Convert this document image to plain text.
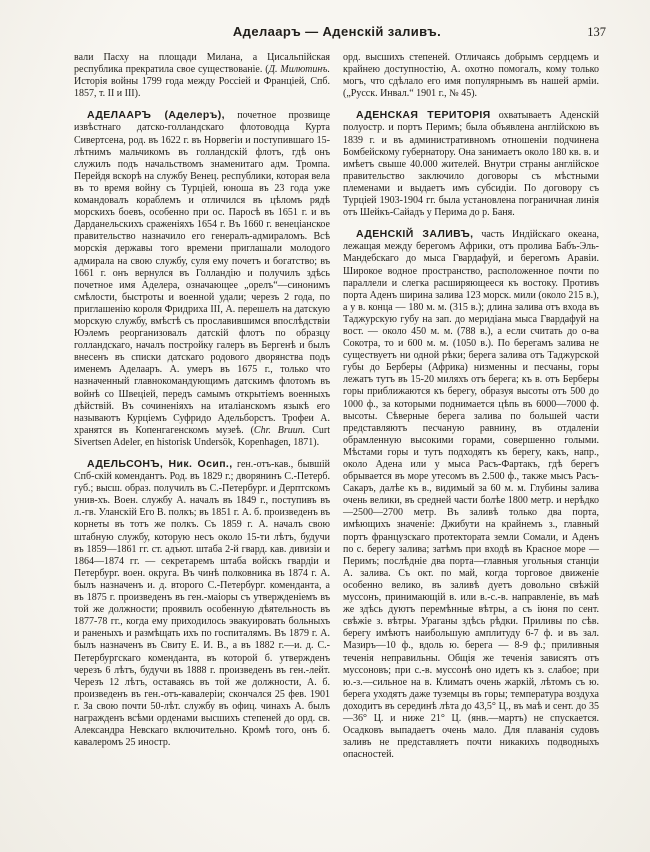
Аделааръ — Аденскій заливъ.	137

вали Пасху на площади Милана, а Цисальпійская республика прекратила свое существованіе. (Д. Милютинъ. Исторія войны 1799 года между Россіей и Франціей, Спб. 1857, т. II и III).

АДЕЛААРЪ (Аделеръ), почетное прозвище извѣстнаго датско-голландскаго флотоводца Курта Сивертсена, род. въ 1622 г. въ Норвегіи и поступившаго 15-лѣтнимъ мальчикомъ въ голландскій флотъ, гдѣ онъ служилъ подъ начальствомъ знаменитаго адм. Тромпа. Перейдя вскорѣ на службу Венец. республики, которая вела въ то время войну съ Турціей, юноша въ 23 года уже командовалъ кораблемъ и отличился въ цѣломъ рядѣ морскихъ боевъ, особенно при ос. Паросѣ въ 1651 г. и въ Дарданельскихъ сраженіяхъ 1654 г. Въ 1660 г. венеціанское правительство назначило его генералъ-адмираломъ. Всѣ морскія державы того времени приглашали молодого адмирала на свою службу, суля ему почетъ и богатство; въ 1661 г. онъ вернулся въ Голландію и получилъ здѣсь почетное имя Аделера, означающее „орелъ“—синонимъ смѣлости, быстроты и военной удали; черезъ 2 года, по приглашенію короля Фридриха III, А. перешелъ на датскую морскую службу, вмѣстѣ съ прославившимся впослѣдствіи Юэлемъ реорганизовалъ датскій флотъ по образцу голландскаго, началъ постройку галеръ въ Бергенѣ и былъ внесенъ въ списки датскаго родового дворянства подъ именемъ Аделааръ. А. умеръ въ 1675 г., только что назначенный главнокомандующимъ датскимъ флотомъ въ войнѣ со Швеціей, передъ самымъ открытіемъ военныхъ дѣйствій. Въ сочиненіяхъ на италіанскомъ языкѣ его называютъ Курціемъ Суфридо Адельборстъ. Трофеи А. хранятся въ Копенгагенскомъ музеѣ. (Chr. Bruun. Curt Sivertsen Adeler, en historisk Undersök, Kopenhagen, 1871).

АДЕЛЬСОНЪ, Ник. Осип., ген.-отъ-кав., бывшій Спб-скій комендантъ. Род. въ 1829 г.; дворянинъ С.-Петерб. губ.; высш. образ. получилъ въ С.-Петербург. и Дерптскомъ унив-хъ. Воен. службу А. началъ въ 1849 г., поступивъ въ л.-гв. Уланскій Его В. полкъ; въ 1851 г. А. б. произведенъ въ корнеты въ тотъ же полкъ. Съ 1859 г. А. началъ свою штабную службу, которую несъ около 15-ти лѣтъ, будучи въ 1859—1861 гг. ст. адъют. штаба 2-й гвард. кав. дивизіи и 1864—1874 гг. — секретаремъ штаба войскъ гвардіи и Петербург. воен. округа. Въ чинѣ полковника въ 1874 г. А. былъ назначенъ и. д. второго С.-Петербург. коменданта, а въ 1875 г. произведенъ въ ген.-маіоры съ утвержденіемъ въ той же должности; проявилъ особенную дѣятельность въ 1877-78 гг., когда ему приходилось эвакуировать больныхъ и раненыхъ и размѣщать ихъ по госпиталямъ. Въ 1879 г. А. былъ назначенъ въ Свиту Е. И. В., а въ 1882 г.—и. д. С.-Петербургскаго коменданта, въ которой б. утвержденъ черезъ 6 лѣтъ, будучи въ 1888 г. произведенъ въ ген.-лейт. Черезъ 12 лѣтъ, оставаясь въ той же должности, А. б. произведенъ въ ген.-отъ-кавалеріи; скончался 25 фев. 1901 г. За свою почти 50-лѣт. службу въ офиц. чинахъ А. былъ награжденъ всѣми орденами высшихъ степеней до орд. св. Александра Невскаго включительно. Кромѣ того, онъ б. кавалеромъ 25 иностр.

орд. высшихъ степеней. Отличаясь добрымъ сердцемъ и крайнею доступностію, А. охотно помогалъ, кому только могъ, что сдѣлало его имя популярнымъ въ нашей арміи. („Русск. Инвал.“ 1901 г., № 45).

АДЕНСКАЯ ТЕРИТОРІЯ охватываетъ Аденскій полуостр. и портъ Перимъ; была объявлена англійскою въ 1839 г. и въ административномъ отношеніи подчинена Бомбейскому губернатору. Она занимаетъ около 180 кв. в. и имѣетъ свыше 40.000 жителей. Внутри страны англійское правительство заключило договоры съ мѣстными племенами и выдаетъ имъ субсидіи. По договору съ Турціей 1903-1904 гг. была установлена пограничная линія отъ Шейкъ-Сайадъ у Перима до р. Баня.

АДЕНСКІЙ ЗАЛИВЪ, часть Индійскаго океана, лежащая между берегомъ Африки, отъ пролива Бабъ-Эль-Мандебскаго до мыса Гвардафуй, и берегомъ Аравіи. Широкое водное пространство, расположенное почти по параллели и слегка расширяющееся къ востоку. Противъ порта Аденъ ширина залива 123 морск. мили (около 215 в.), а у в. конца — 180 м. м. (315 в.); длина залива отъ входа въ Таджурскую губу на зап. до меридіана мыса Гвардафуй на вост. — около 450 м. м. (788 в.), а если считать до о-ва Сокотра, то и 600 м. м. (1050 в.). По берегамъ залива не существуетъ ни одной рѣки; берега залива отъ Таджурской губы до Берберы (Африка) низменны и песчаны, горы лежатъ тутъ въ 15-20 миляхъ отъ берега; къ в. отъ Берберы горы приближаются къ берегу, образуя высоты отъ 500 до 1000 ф., за которыми поднимается цѣпь въ 6000—7000 ф. высоты. Сѣверные берега залива по большей части представляютъ песчаную равнину, въ отдаленіи обрамленную высокими горами, совершенно голыми. Мѣстами горы и тутъ подходятъ къ берегу, какъ, напр., около Адена или у мыса Расъ-Фартакъ, гдѣ берегъ обрывается въ море утесомъ въ 2.500 ф., также мысъ Расъ-Сакаръ, далѣе къ в., видимый за 60 м. м. Глубины залива очень велики, въ средней части болѣе 1800 метр. и нерѣдко—2500—2700 метр. Въ заливѣ только два порта, имѣющихъ значеніе: Джибути на крайнемъ з., главный портъ французскаго протектората земли Сомали, и Аденъ по с. берегу залива; затѣмъ при входѣ въ Красное море — Перимъ; послѣдніе два порта—главныя угольныя станціи А. залива. Съ окт. по май, когда торговое движеніе особенно велико, въ заливѣ дуетъ довольно свѣжій муссонъ, принимающій в. или в.-с.-в. направленіе, въ маѣ же здѣсь дуютъ перемѣнные вѣтры, а съ іюня по сент. свѣжіе з. вѣтры. Ураганы здѣсь рѣдки. Приливы по сѣв. берегу имѣютъ наибольшую амплитуду 6-7 ф. и въ зал. Мазиръ—10 ф., вдоль ю. берега — 8-9 ф.; приливныя теченія неправильны. Общія же теченія зависятъ отъ муссоновъ; при с.-в. муссонѣ оно идетъ къ з. слабое; при ю.-з.—сильное на в. Климатъ очень жаркій, лѣтомъ съ ю. берега уходятъ даже туземцы въ горы; температура воздуха доходитъ въ серединѣ лѣта до 43,5° Ц., въ маѣ и сент. до 35—36° Ц. и ниже 21° Ц. (янв.—мартъ) не спускается. Осадковъ выпадаетъ очень мало. Для плаванія судовъ заливъ не представляетъ почти никакихъ подводныхъ опасностей.
